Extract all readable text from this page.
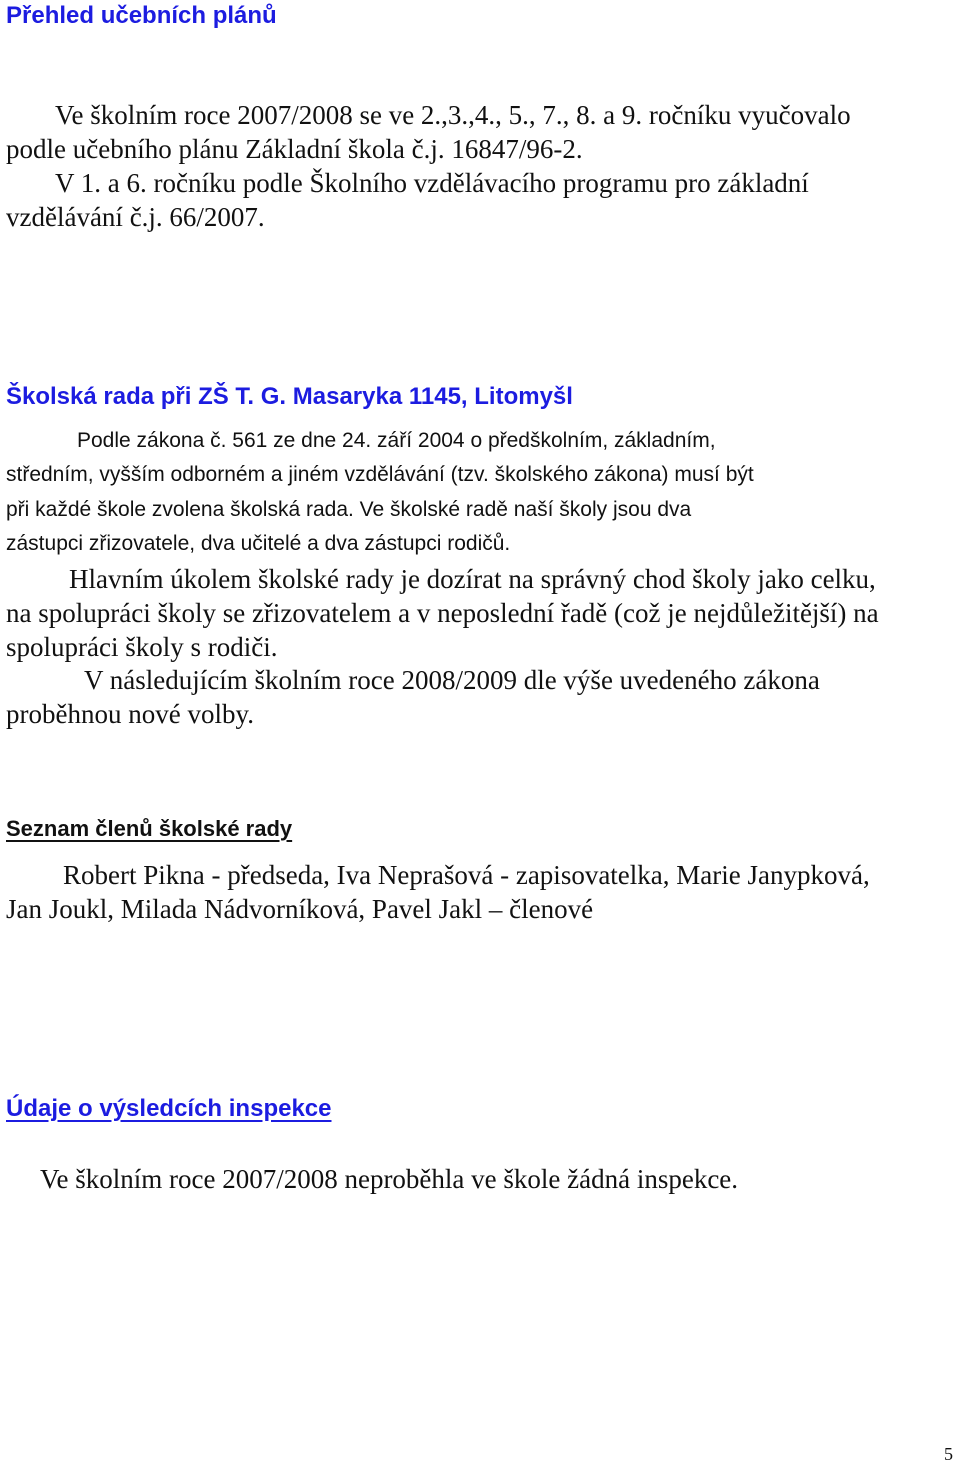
Přehled učebních plánů
Ve školním roce 2007/2008 se ve 2.,3.,4., 5., 7., 8. a 9. ročníku vyučovalo
podle učebního plánu Základní škola č.j. 16847/96-2.
V 1. a 6. ročníku podle Školního vzdělávacího programu pro základní
vzdělávání č.j. 66/2007.
Školská rada při ZŠ T. G. Masaryka 1145, Litomyšl
Podle zákona č. 561 ze dne 24. září 2004 o předškolním, základním,
středním, vyšším odborném a jiném vzdělávání (tzv. školského zákona) musí být
při každé škole zvolena školská rada. Ve školské radě naší školy jsou dva
zástupci zřizovatele, dva učitelé a dva zástupci rodičů.
Hlavním úkolem školské rady je dozírat na správný chod školy jako celku,
na spolupráci školy se zřizovatelem a v neposlední řadě (což je nejdůležitější) na
spolupráci školy s rodiči.
V následujícím školním roce 2008/2009 dle výše uvedeného zákona
proběhnou nové volby.
Seznam členů školské rady
Robert Pikna - předseda, Iva Neprašová - zapisovatelka, Marie Janypková,
Jan Joukl, Milada Nádvorníková, Pavel Jakl – členové
Údaje o výsledcích inspekce
Ve školním roce 2007/2008 neproběhla ve škole žádná inspekce.
5
